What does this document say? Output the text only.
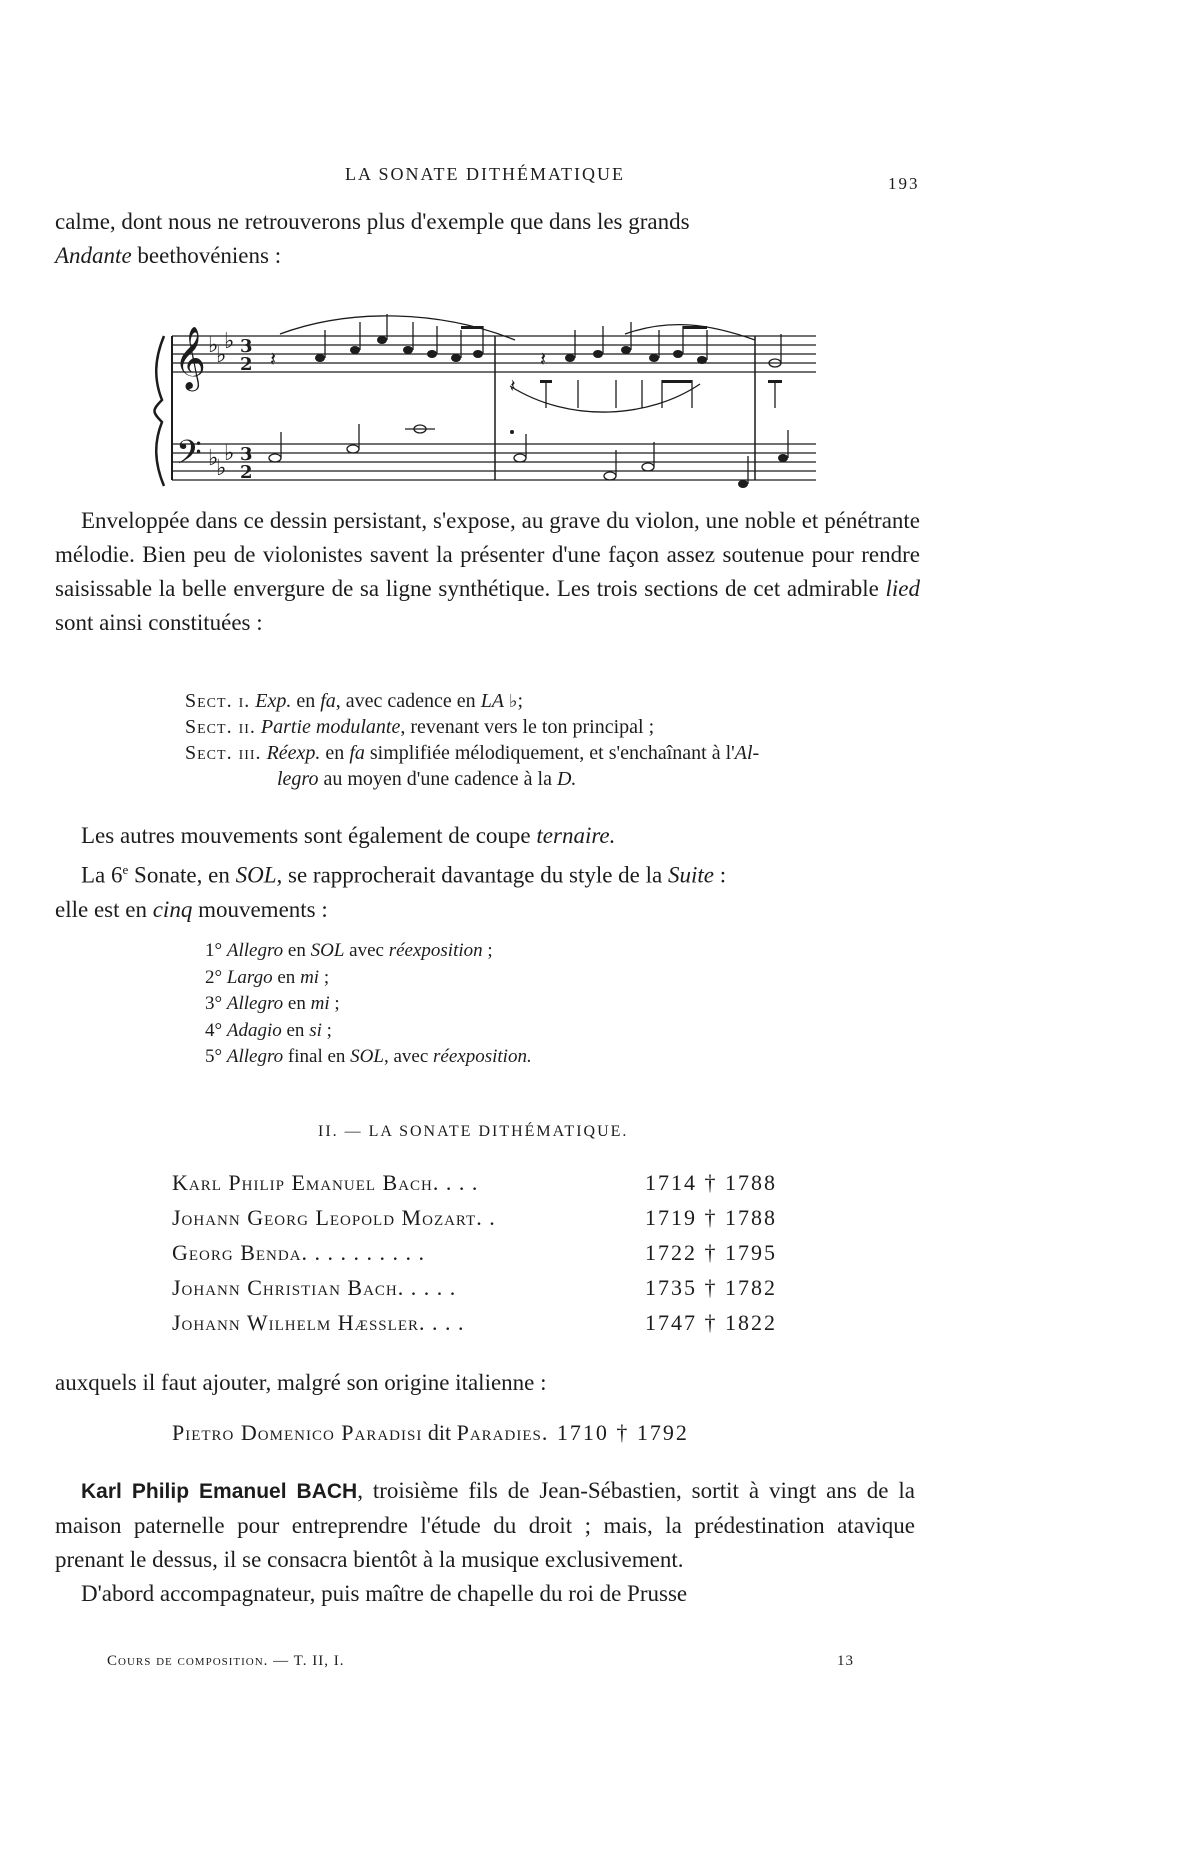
LA SONATE DITHÉMATIQUE	193

calme, dont nous ne retrouverons plus d'exemple que dans les grands

Andante beethovéniens :

𝄞
𝄢
♭
♭
♭
♭
♭
♭
3
2
3
2
𝄽	𝄽
𝄽

Enveloppée dans ce dessin persistant, s'expose, au grave du violon, une noble et pénétrante mélodie. Bien peu de violonistes savent la présenter d'une façon assez soutenue pour rendre saisissable la belle envergure de sa ligne synthétique. Les trois sections de cet admirable lied sont ainsi constituées :

Sect. i. Exp. en fa, avec cadence en LA ♭;
Sect. ii. Partie modulante, revenant vers le ton principal ;
Sect. iii. Réexp. en fa simplifiée mélodiquement, et s'enchaînant à l'Al-
legro au moyen d'une cadence à la D.

Les autres mouvements sont également de coupe ternaire.

La 6e Sonate, en SOL, se rapprocherait davantage du style de la Suite :

elle est en cinq mouvements :

1° Allegro en SOL avec réexposition ;
2° Largo en mi ;
3° Allegro en mi ;
4° Adagio en si ;
5° Allegro final en SOL, avec réexposition.
II. — LA SONATE DITHÉMATIQUE.
Karl Philip Emanuel Bach. . . .	1714 † 1788
Johann Georg Leopold Mozart. .	1719 † 1788
Georg Benda. . . . . . . . . .	1722 † 1795
Johann Christian Bach. . . . .	1735 † 1782
Johann Wilhelm Hæssler. . . .	1747 † 1822
auxquels il faut ajouter, malgré son origine italienne :
Pietro Domenico Paradisi dit Paradies. 1710 † 1792

Karl Philip Emanuel BACH, troisième fils de Jean-Sébastien, sortit à vingt ans de la maison paternelle pour entreprendre l'étude du droit ; mais, la prédestination atavique prenant le dessus, il se consacra bientôt à la musique exclusivement.

D'abord accompagnateur, puis maître de chapelle du roi de Prusse

Cours de composition. — T. II, I.	13
